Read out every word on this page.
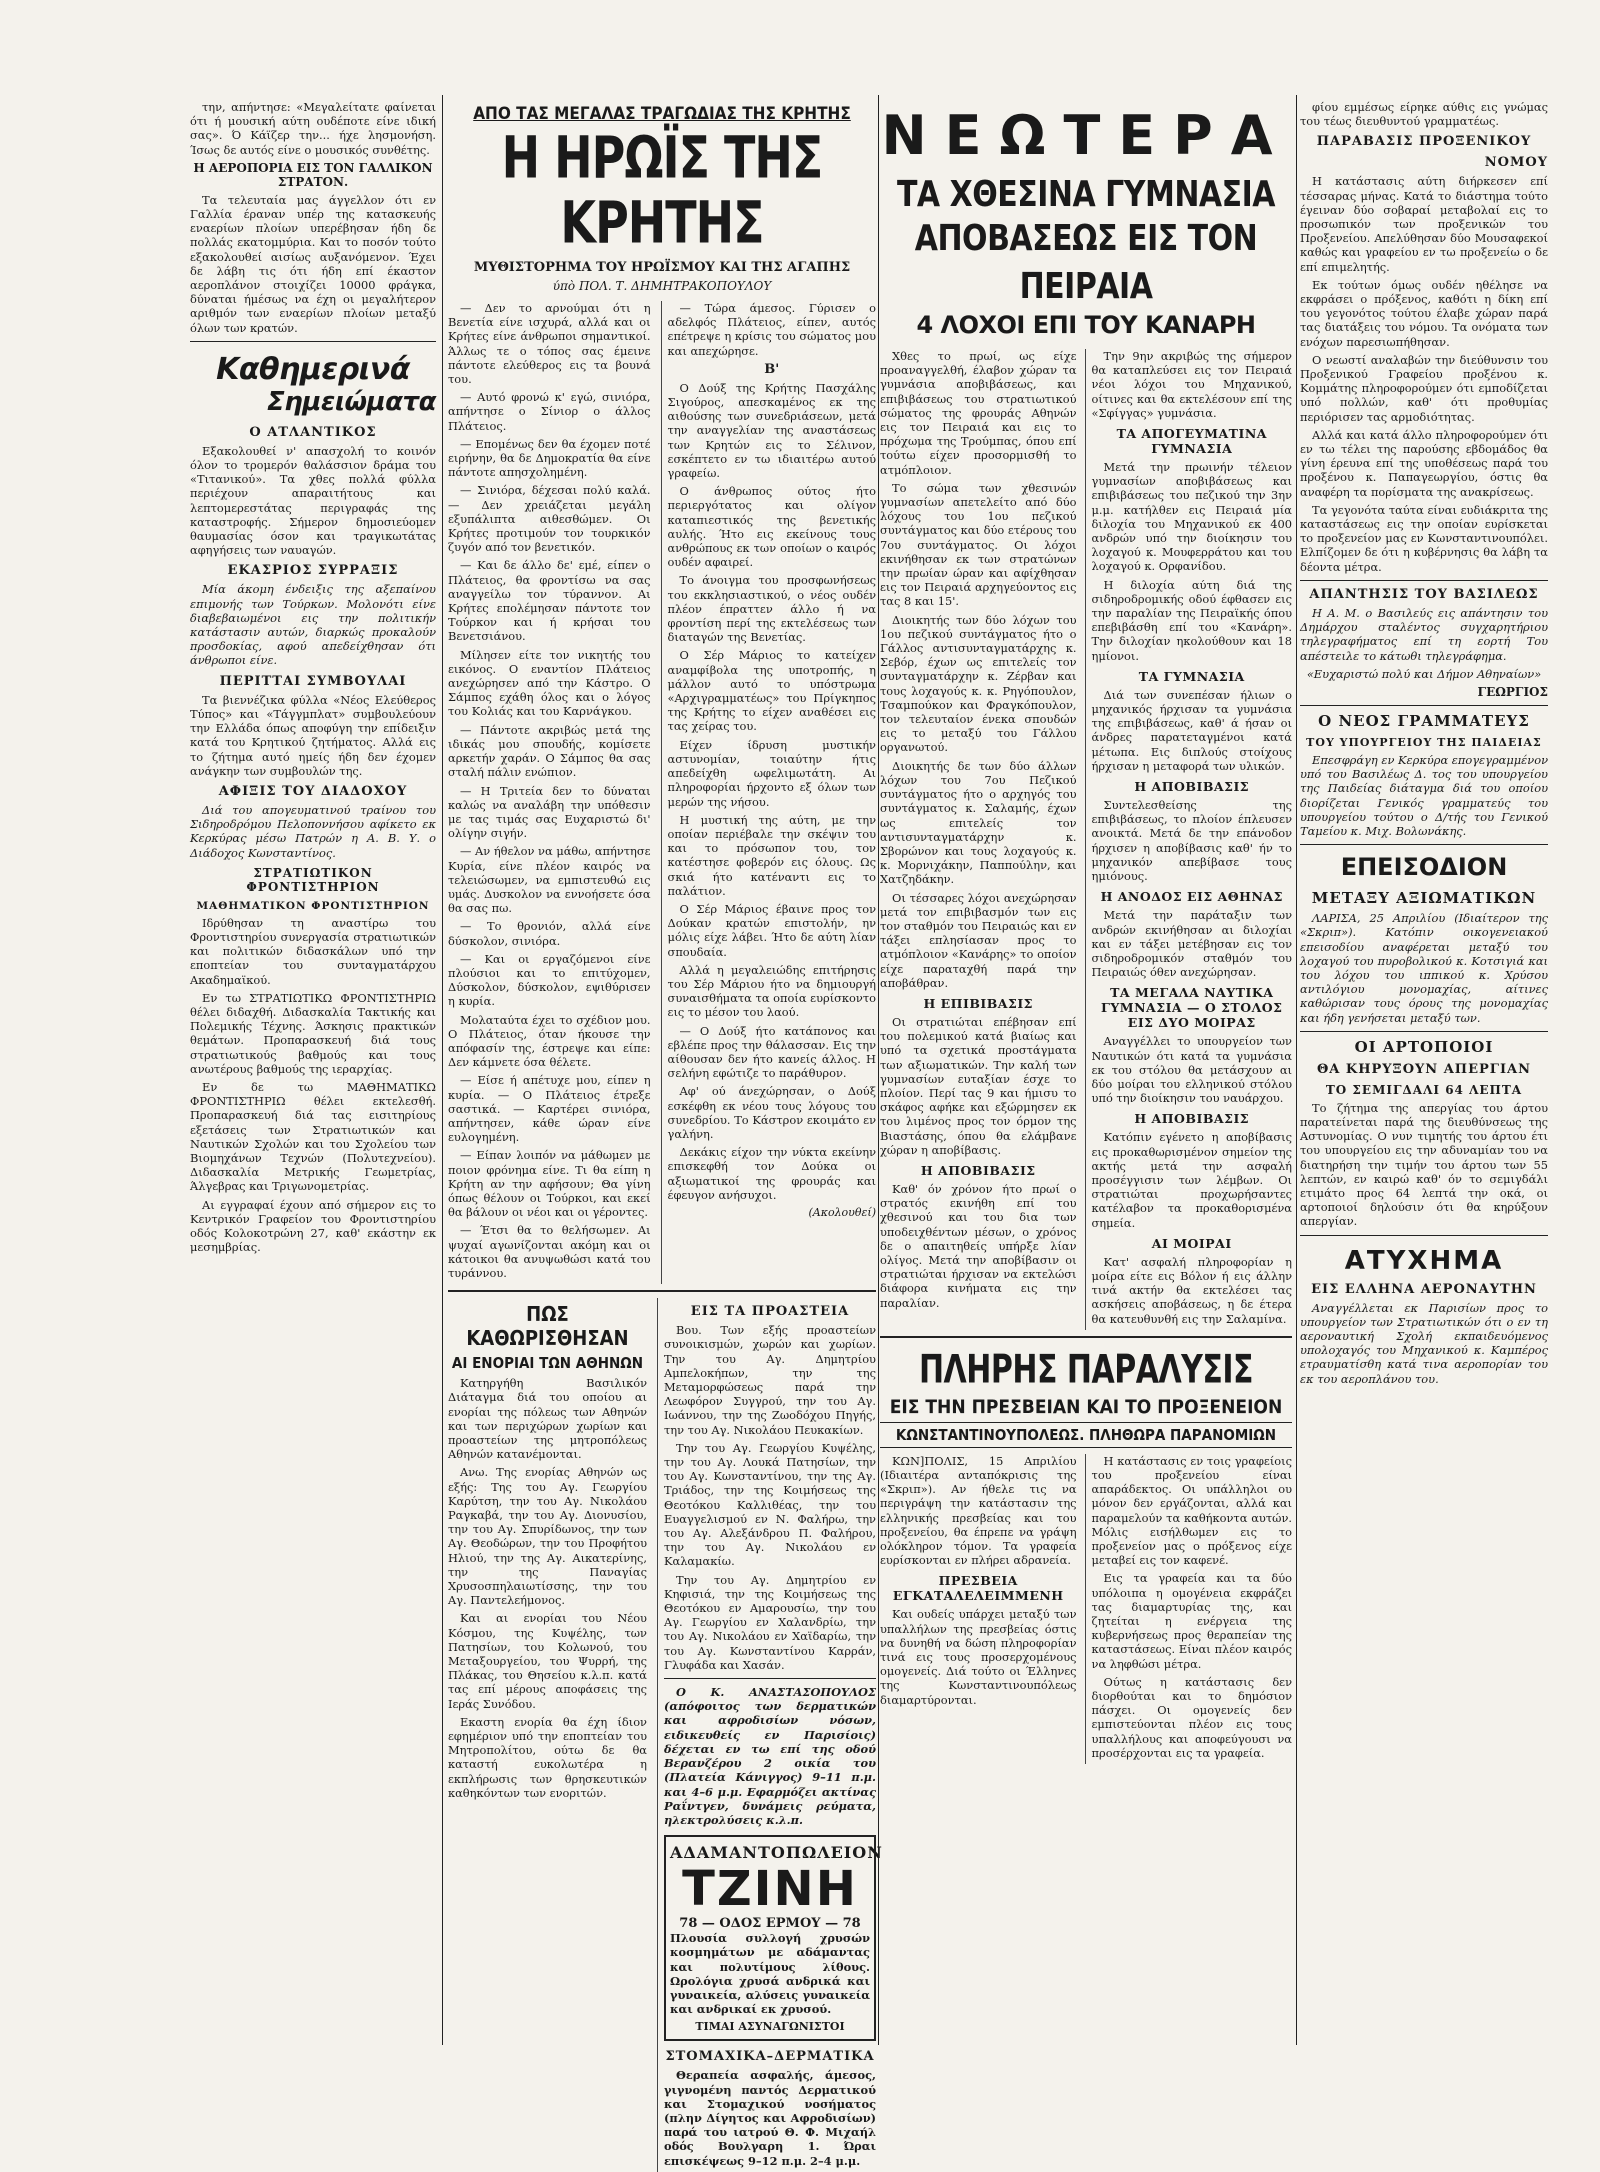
την, απήντησε: «Μεγαλείτατε φαίνεται ότι ή μουσική αύτη ουδέποτε είνε ιδική σας». Ό Κάϊζερ την... ήχε λησμονήση. Ίσως δε αυτός είνε ο μουσικός συνθέτης.

Η ΑΕΡΟΠΟΡΙΑ ΕΙΣ ΤΟΝ ΓΑΛΛΙΚΟΝ ΣΤΡΑΤΟΝ.

Τα τελευταία μας άγγελλον ότι εν Γαλλία έραναν υπέρ της κατασκευής εναερίων πλοίων υπερέβησαν ήδη δε πολλάς εκατομμύρια. Και το ποσόν τούτο εξακολουθεί αισίως αυξανόμενον. Έχει δε λάβη τις ότι ήδη επί έκαστον αεροπλάνον στοιχίζει 10000 φράγκα, δύναται ήμέσως να έχη οι μεγαλήτερον αριθμόν των εναερίων πλοίων μεταξύ όλων των κρατών.

Καθημερινά
Σημειώματα
Ο ΑΤΛΑΝΤΙΚΟΣ

Εξακολουθεί ν' απασχολή το κοινόν όλον το τρομερόν θαλάσσιον δράμα του «Τιτανικού». Τα χθες πολλά φύλλα περιέχουν απαραιτήτους και λεπτομερεστάτας περιγραφάς της καταστροφής. Σήμερον δημοσιεύομεν θαυμασίας όσον και τραγικωτάτας αφηγήσεις των ναυαγών.

ΕΚΑΣΡΙΟΣ ΣΥΡΡΑΞΙΣ

Μία άκομη ένδειξις της αξεπαίνου επιμονής των Τούρκων. Μολονότι είνε διαβεβαιωμένοι εις την πολιτικήν κατάστασιν αυτών, διαρκώς προκαλούν προσδοκίας, αφού απεδείχθησαν ότι άνθρωποι είνε.

ΠΕΡΙΤΤΑΙ ΣΥΜΒΟΥΛΑΙ

Τα βιεννέζικα φύλλα «Νέος Ελεύθερος Τύπος» και «Τάγγμπλατ» συμβουλεύουν την Ελλάδα όπως αποφύγη την επίδειξιν κατά του Κρητικού ζητήματος. Αλλά εις το ζήτημα αυτό ημείς ήδη δεν έχομεν ανάγκην των συμβουλών της.

ΑΦΙΞΙΣ ΤΟΥ ΔΙΑΔΟΧΟΥ

Διά του απογευματινού τραίνου του Σιδηροδρόμου Πελοποννήσου αφίκετο εκ Κερκύρας μέσω Πατρών η Α. Β. Υ. ο Διάδοχος Κωνσταντίνος.

ΣΤΡΑΤΙΩΤΙΚΟΝ ΦΡΟΝΤΙΣΤΗΡΙΟΝ
ΜΑΘΗΜΑΤΙΚΟΝ ΦΡΟΝΤΙΣΤΗΡΙΟΝ

Ιδρύθησαν τη αναστίρω του Φροντιστηρίου συνεργασία στρατιωτικών και πολιτικών διδασκάλων υπό την εποπτείαν του συνταγματάρχου Ακαδημαϊκού.

Εν τω ΣΤΡΑΤΙΩΤΙΚΩ ΦΡΟΝΤΙΣΤΗΡΙΩ θέλει διδαχθή. Διδασκαλία Τακτικής και Πολεμικής Τέχνης. Άσκησις πρακτικών θεμάτων. Προπαρασκευή διά τους στρατιωτικούς βαθμούς και τους ανωτέρους βαθμούς της ιεραρχίας.

Εν δε τω ΜΑΘΗΜΑΤΙΚΩ ΦΡΟΝΤΙΣΤΗΡΙΩ θέλει εκτελεσθή. Προπαρασκευή διά τας εισιτηρίους εξετάσεις των Στρατιωτικών και Ναυτικών Σχολών και του Σχολείου των Βιομηχάνων Τεχνών (Πολυτεχνείου). Διδασκαλία Μετρικής Γεωμετρίας, Άλγεβρας και Τριγωνομετρίας.

Αι εγγραφαί έχουν από σήμερον εις το Κεντρικόν Γραφείον του Φροντιστηρίου οδός Κολοκοτρώνη 27, καθ' εκάστην εκ μεσημβρίας.

ΑΠΟ ΤΑΣ ΜΕΓΑΛΑΣ ΤΡΑΓΩΔΙΑΣ ΤΗΣ ΚΡΗΤΗΣ
Η ΗΡΩΪΣ ΤΗΣ ΚΡΗΤΗΣ
ΜΥΘΙΣΤΟΡΗΜΑ ΤΟΥ ΗΡΩΪΣΜΟΥ ΚΑΙ ΤΗΣ ΑΓΑΠΗΣ
ύπὸ ΠΟΛ. Τ. ΔΗΜΗΤΡΑΚΟΠΟΥΛΟΥ

— Δεν το αρνούμαι ότι η Βενετία είνε ισχυρά, αλλά και οι Κρήτες είνε άνθρωποι σημαντικοί. Άλλως τε ο τόπος σας έμεινε πάντοτε ελεύθερος εις τα βουνά του.

— Αυτό φρονώ κ' εγώ, σινιόρα, απήντησε ο Σίνιορ ο άλλος Πλάτειος.

— Επομένως δεν θα έχομεν ποτέ ειρήνην, θα δε Δημοκρατία θα είνε πάντοτε απησχολημένη.

— Σινιόρα, δέχεσαι πολύ καλά. — Δεν χρειάζεται μεγάλη εξυπάλιπτα αιθεσθώμεν. Οι Κρήτες προτιμούν τον τουρκικόν ζυγόν από τον βενετικόν.

— Και δε άλλο δε' εμέ, είπεν ο Πλάτειος, θα φροντίσω να σας αναγγείλω τον τύραννον. Αι Κρήτες επολέμησαν πάντοτε τον Τούρκον και ή κρήσαι του Βενετσιάνου.

Μίλησεν είτε τον νικητής του εικόνος. Ο εναντίον Πλάτειος ανεχώρησεν από την Κάστρο. Ο Σάμπος εχάθη όλος και ο λόγος του Κολιάς και του Καρνάγκου.

— Πάντοτε ακριβώς μετά της ιδικάς μου σπουδής, κομίσετε αρκετήν χαράν. Ο Σάμπος θα σας σταλή πάλιν ενώπιον.

— Η Τριτεία δεν το δύναται καλώς να αναλάβη την υπόθεσιν με τας τιμάς σας Ευχαριστώ δι' ολίγην σιγήν.

— Αν ήθελον να μάθω, απήντησε Κυρία, είνε πλέον καιρός να τελειώσωμεν, να εμπιστευθώ εις υμάς. Δυσκολον να εννοήσετε όσα θα σας πω.

— Το θρονιόν, αλλά είνε δύσκολον, σινιόρα.

— Και οι εργαζόμενοι είνε πλούσιοι και το επιτύχομεν, Δύσκολον, δύσκολον, εψιθύρισεν η κυρία.

Μολαταύτα έχει το σχέδιον μου. Ο Πλάτειος, όταν ήκουσε την απόφασίν της, έστρεψε και είπε: Δεν κάμνετε όσα θέλετε.

— Είσε ή απέτυχε μου, είπεν η κυρία. — Ο Πλάτειος έτρεξε σαστικά. — Καρτέρει σινιόρα, απήντησεν, κάθε ώραν είνε ευλογημένη.

— Είπαν λοιπόν να μάθωμεν με ποιον φρόνημα είνε. Τι θα είπη η Κρήτη αν την αφήσουν; Θα γίνη όπως θέλουν οι Τούρκοι, και εκεί θα βάλουν οι νέοι και οι γέροντες.

— Έτσι θα το θελήσωμεν. Αι ψυχαί αγωνίζονται ακόμη και οι κάτοικοι θα ανυψωθώσι κατά του τυράννου.

— Τώρα άμεσος. Γύρισεν ο αδελφός Πλάτειος, είπεν, αυτός επέτρεψε η κρίσις του σώματος μου και απεχώρησε.

Β'

Ο Δούξ της Κρήτης Πασχάλης Σιγούρος, απεσκαμένος εκ της αιθούσης των συνεδριάσεων, μετά την αναγγελίαν της αναστάσεως των Κρητών εις το Σέλινον, εσκέπτετο εν τω ιδιαιτέρω αυτού γραφείω.

Ο άνθρωπος ούτος ήτο περιεργότατος και ολίγον καταπιεστικός της βενετικής αυλής. Ήτο εις εκείνους τους ανθρώπους εκ των οποίων ο καιρός ουδέν αφαιρεί.

Το άνοιγμα του προσφωνήσεως του εκκλησιαστικού, ο νέος ουδέν πλέον έπραττεν άλλο ή να φροντίση περί της εκτελέσεως των διαταγών της Βενετίας.

Ο Σέρ Μάριος το κατείχεν αναμφίβολα της υποτροπής, η μάλλον αυτό το υπόστρωμα «Αρχιγραμματέως» του Πρίγκηπος της Κρήτης το είχεν αναθέσει εις τας χείρας του.

Είχεν ίδρυση μυστικήν αστυνομίαν, τοιαύτην ήτις απεδείχθη ωφελιμωτάτη. Αι πληροφορίαι ήρχοντο εξ όλων των μερών της νήσου.

Η μυστική της αύτη, με την οποίαν περιέβαλε την σκέψιν του και το πρόσωπον του, τον κατέστησε φοβερόν εις όλους. Ως σκιά ήτο κατέναντι εις το παλάτιον.

Ο Σέρ Μάριος έβαινε προς τον Δούκαν κρατών επιστολήν, ην μόλις είχε λάβει. Ήτο δε αύτη λίαν σπουδαία.

Αλλά η μεγαλειώδης επιτήρησις του Σέρ Μάριου ήτο να δημιουργή συναισθήματα τα οποία ευρίσκοντο εις το μέσον του λαού.

— Ο Δούξ ήτο κατάπονος και εβλέπε προς την θάλασσαν. Εις την αίθουσαν δεν ήτο κανείς άλλος. Η σελήνη εφώτιζε το παράθυρον.

Αφ' ού άνεχώρησαν, ο Δούξ εσκέφθη εκ νέου τους λόγους του συνεδρίου. Το Κάστρον εκοιμάτο εν γαλήνη.

Δεκάκις είχον την νύκτα εκείνην επισκεφθή τον Δούκα οι αξιωματικοί της φρουράς και έφευγον ανήσυχοι.

(Ακολουθεί)
ΠΩΣ ΚΑΘΩΡΙΣΘΗΣΑΝ
ΑΙ ΕΝΟΡΙΑΙ ΤΩΝ ΑΘΗΝΩΝ

Κατηργήθη Βασιλικόν Διάταγμα διά του οποίου αι ενορίαι της πόλεως των Αθηνών και των περιχώρων χωρίων και προαστείων της μητροπόλεως Αθηνών κατανέμονται.

Ανω. Της ενορίας Αθηνών ως εξής: Της του Αγ. Γεωργίου Καρύτση, την του Αγ. Νικολάου Ραγκαβά, την του Αγ. Διονυσίου, την του Αγ. Σπυρίδωνος, την των Αγ. Θεοδώρων, την του Προφήτου Ηλιού, την της Αγ. Αικατερίνης, την της Παναγίας Χρυσοσπηλαιωτίσσης, την του Αγ. Παντελεήμονος.

Και αι ενορίαι του Νέου Κόσμου, της Κυψέλης, των Πατησίων, του Κολωνού, του Μεταξουργείου, του Ψυρρή, της Πλάκας, του Θησείου κ.λ.π. κατά τας επί μέρους αποφάσεις της Ιεράς Συνόδου.

Εκαστη ενορία θα έχη ίδιον εφημέριον υπό την εποπτείαν του Μητροπολίτου, ούτω δε θα καταστή ευκολωτέρα η εκπλήρωσις των θρησκευτικών καθηκόντων των ενοριτών.

ΕΙΣ ΤΑ ΠΡΟΑΣΤΕΙΑ

Βου. Των εξής προαστείων συνοικισμών, χωρών και χωρίων. Την του Αγ. Δημητρίου Αμπελοκήπων, την της Μεταμορφώσεως παρά την Λεωφόρον Συγγρού, την του Αγ. Ιωάννου, την της Ζωοδόχου Πηγής, την του Αγ. Νικολάου Πευκακίων.

Την του Αγ. Γεωργίου Κυψέλης, την του Αγ. Λουκά Πατησίων, την του Αγ. Κωνσταντίνου, την της Αγ. Τριάδος, την της Κοιμήσεως της Θεοτόκου Καλλιθέας, την του Ευαγγελισμού εν Ν. Φαλήρω, την του Αγ. Αλεξάνδρου Π. Φαλήρου, την του Αγ. Νικολάου εν Καλαμακίω.

Την του Αγ. Δημητρίου εν Κηφισιά, την της Κοιμήσεως της Θεοτόκου εν Αμαρουσίω, την του Αγ. Γεωργίου εν Χαλανδρίω, την του Αγ. Νικολάου εν Χαϊδαρίω, την του Αγ. Κωνσταντίνου Καρράν, Γλυφάδα και Χασάν.

Ο Κ. ΑΝΑΣΤΑΣΟΠΟΥΛΟΣ (απόφοιτος των δερματικών και αφροδισίων νόσων, ειδικευθείς εν Παρισίοις) δέχεται εν τω επί της οδού Βερανζέρου 2 οικία του (Πλατεία Κάνιγγος) 9–11 π.μ. και 4–6 μ.μ. Εφαρμόζει ακτίνας Ραΐντγεν, δυνάμεις ρεύματα, ηλεκτρολύσεις κ.λ.π.

ΑΔΑΜΑΝΤΟΠΩΛΕΙΟΝ
ΤΖΙΝΗ
78 — ΟΔΟΣ ΕΡΜΟΥ — 78

Πλουσία συλλογή χρυσών κοσμημάτων με αδάμαντας και πολυτίμους λίθους. Ωρολόγια χρυσά ανδρικά και γυναικεία, αλύσεις γυναικεία και ανδρικαί εκ χρυσού.

ΤΙΜΑΙ ΑΣΥΝΑΓΩΝΙΣΤΟΙ
ΣΤΟΜΑΧΙΚΑ–ΔΕΡΜΑΤΙΚΑ

Θεραπεία ασφαλής, άμεσος, γιγνομένη παντός Δερματικού και Στομαχικού νοσήματος (πλην Δίγητος και Αφροδισίων) παρά του ιατρού Θ. Φ. Μιχαήλ οδός Βουλγαρη 1. Ώραι επισκέψεως 9–12 π.μ. 2–4 μ.μ.

ΝΕΩΤΕΡΑ
ΤΑ ΧΘΕΣΙΝΑ ΓΥΜΝΑΣΙΑ
ΑΠΟΒΑΣΕΩΣ ΕΙΣ ΤΟΝ ΠΕΙΡΑΙΑ
4 ΛΟΧΟΙ ΕΠΙ ΤΟΥ ΚΑΝΑΡΗ

Χθες το πρωί, ως είχε προαναγγελθή, έλαβον χώραν τα γυμνάσια αποβιβάσεως, και επιβιβάσεως του στρατιωτικού σώματος της φρουράς Αθηνών εις τον Πειραιά και εις το πρόχωμα της Τρούμπας, όπου επί τούτω είχεν προσορμισθή το ατμόπλοιον.

Το σώμα των χθεσινών γυμνασίων απετελείτο από δύο λόχους του 1ου πεζικού συντάγματος και δύο ετέρους του 7ου συντάγματος. Οι λόχοι εκινήθησαν εκ των στρατώνων την πρωίαν ώραν και αφίχθησαν εις τον Πειραιά αρχηγεύοντος εις τας 8 και 15'.

Διοικητής των δύο λόχων του 1ου πεζικού συντάγματος ήτο ο Γάλλος αντισυνταγματάρχης κ. Σεβόρ, έχων ως επιτελείς τον συνταγματάρχην κ. Ζέρβαν και τους λοχαγούς κ. κ. Ρηγόπουλον, Τσαμπούκον και Φραγκόπουλον, τον τελευταίον ένεκα σπουδών εις το μεταξύ του Γάλλου οργανωτού.

Διοικητής δε των δύο άλλων λόχων του 7ου Πεζικού συντάγματος ήτο ο αρχηγός του συντάγματος κ. Σαλαμής, έχων ως επιτελείς τον αντισυνταγματάρχην κ. Σβορώνον και τους λοχαγούς κ. κ. Μορνιχάκην, Παππούλην, και Χατζηδάκην.

Οι τέσσαρες λόχοι ανεχώρησαν μετά τον επιβιβασμόν των εις τον σταθμόν του Πειραιώς και εν τάξει επλησίασαν προς το ατμόπλοιον «Κανάρης» το οποίον είχε παραταχθή παρά την αποβάθραν.

Η ΕΠΙΒΙΒΑΣΙΣ

Οι στρατιώται επέβησαν επί του πολεμικού κατά βιαίως και υπό τα σχετικά προστάγματα των αξιωματικών. Την καλή των γυμνασίων ευταξίαν έσχε το πλοίον. Περί τας 9 και ήμισυ το σκάφος αφήκε και εξώρμησεν εκ του λιμένος προς τον όρμον της Βιαστάσης, όπου θα ελάμβανε χώραν η αποβίβασις.

Η ΑΠΟΒΙΒΑΣΙΣ

Καθ' όν χρόνον ήτο πρωί ο στρατός εκινήθη επί του χθεσινού και του δια των υποδειχθέντων μέσων, ο χρόνος δε ο απαιτηθείς υπήρξε λίαν ολίγος. Μετά την αποβίβασιν οι στρατιώται ήρχισαν να εκτελώσι διάφορα κινήματα εις την παραλίαν.

Την 9ην ακριβώς της σήμερον θα καταπλεύσει εις τον Πειραιά νέοι λόχοι του Μηχανικού, οίτινες και θα εκτελέσουν επί της «Σφίγγας» γυμνάσια.

ΤΑ ΑΠΟΓΕΥΜΑΤΙΝΑ ΓΥΜΝΑΣΙΑ

Μετά την πρωινήν τέλειον γυμνασίων αποβιβάσεως και επιβιβάσεως του πεζικού την 3ην μ.μ. κατήλθεν εις Πειραιά μία διλοχία του Μηχανικού εκ 400 ανδρών υπό την διοίκησιν του λοχαγού κ. Μουφερράτου και του λοχαγού κ. Ορφανίδου.

Η διλοχία αύτη διά της σιδηροδρομικής οδού έφθασεν εις την παραλίαν της Πειραϊκής όπου επεβιβάσθη επί του «Κανάρη». Την διλοχίαν ηκολούθουν και 18 ημίονοι.

ΤΑ ΓΥΜΝΑΣΙΑ

Διά των συνεπέσαν ήλιων ο μηχανικός ήρχισαν τα γυμνάσια της επιβιβάσεως, καθ' ά ήσαν οι άνδρες παρατεταγμένοι κατά μέτωπα. Εις διπλούς στοίχους ήρχισαν η μεταφορά των υλικών.

Η ΑΠΟΒΙΒΑΣΙΣ

Συντελεσθείσης της επιβιβάσεως, το πλοίον έπλευσεν ανοικτά. Μετά δε την επάνοδον ήρχισεν η αποβίβασις καθ' ήν το μηχανικόν απεβίβασε τους ημιόνους.

Η ΑΝΟΔΟΣ ΕΙΣ ΑΘΗΝΑΣ

Μετά την παράταξιν των ανδρών εκινήθησαν αι διλοχίαι και εν τάξει μετέβησαν εις τον σιδηροδρομικόν σταθμόν του Πειραιώς όθεν ανεχώρησαν.

ΤΑ ΜΕΓΑΛΑ ΝΑΥΤΙΚΑ ΓΥΜΝΑΣΙΑ — Ο ΣΤΟΛΟΣ ΕΙΣ ΔΥΟ ΜΟΙΡΑΣ

Αναγγέλλει το υπουργείον των Ναυτικών ότι κατά τα γυμνάσια εκ του στόλου θα μετάσχουν αι δύο μοίραι του ελληνικού στόλου υπό την διοίκησιν του ναυάρχου.

Η ΑΠΟΒΙΒΑΣΙΣ

Κατόπιν εγένετο η αποβίβασις εις προκαθωρισμένον σημείον της ακτής μετά την ασφαλή προσέγγισιν των λέμβων. Οι στρατιώται προχωρήσαντες κατέλαβον τα προκαθορισμένα σημεία.

ΑΙ ΜΟΙΡΑΙ

Κατ' ασφαλή πληροφορίαν η μοίρα είτε εις Βόλον ή εις άλλην τινά ακτήν θα εκτελέσει τας ασκήσεις αποβάσεως, η δε έτερα θα κατευθυνθή εις την Σαλαμίνα.

ΠΛΗΡΗΣ ΠΑΡΑΛΥΣΙΣ
ΕΙΣ ΤΗΝ ΠΡΕΣΒΕΙΑΝ ΚΑΙ ΤΟ ΠΡΟΞΕΝΕΙΟΝ
ΚΩΝΣΤΑΝΤΙΝΟΥΠΟΛΕΩΣ. ΠΛΗΘΩΡΑ ΠΑΡΑΝΟΜΙΩΝ

ΚΩΝ]ΠΟΛΙΣ, 15 Απριλίου (Ιδιαιτέρα ανταπόκρισις της «Σκριπ»). Αν ήθελε τις να περιγράψη την κατάστασιν της ελληνικής πρεσβείας και του προξενείου, θα έπρεπε να γράψη ολόκληρον τόμον. Τα γραφεία ευρίσκονται εν πλήρει αδρανεία.

ΠΡΕΣΒΕΙΑ ΕΓΚΑΤΑΛΕΛΕΙΜΜΕΝΗ

Και ουδείς υπάρχει μεταξύ των υπαλλήλων της πρεσβείας όστις να δυνηθή να δώση πληροφορίαν τινά εις τους προσερχομένους ομογενείς. Διά τούτο οι Έλληνες της Κωνσταντινουπόλεως διαμαρτύρονται.

Η κατάστασις εν τοις γραφείοις του προξενείου είναι απαράδεκτος. Οι υπάλληλοι ου μόνον δεν εργάζονται, αλλά και παραμελούν τα καθήκοντα αυτών. Μόλις εισήλθωμεν εις το προξενείον μας ο πρόξενος είχε μεταβεί εις τον καφενέ.

Εις τα γραφεία και τα δύο υπόλοιπα η ομογένεια εκφράζει τας διαμαρτυρίας της, και ζητείται η ενέργεια της κυβερνήσεως προς θεραπείαν της καταστάσεως. Είναι πλέον καιρός να ληφθώσι μέτρα.

Ούτως η κατάστασις δεν διορθούται και το δημόσιον πάσχει. Οι ομογενείς δεν εμπιστεύονται πλέον εις τους υπαλλήλους και αποφεύγουσι να προσέρχονται εις τα γραφεία.

φίου εμμέσως είρηκε αύθις εις γνώμας του τέως διευθυντού γραμματέως.

ΠΑΡΑΒΑΣΙΣ ΠΡΟΞΕΝΙΚΟΥ
ΝΟΜΟΥ

Η κατάστασις αύτη διήρκεσεν επί τέσσαρας μήνας. Κατά το διάστημα τούτο έγειναν δύο σοβαραί μεταβολαί εις το προσωπικόν των προξενικών του Προξενείου. Απελύθησαν δύο Μουσαφεκοί καθώς και γραφείου εν τω προξενείω ο δε επί επιμελητής.

Εκ τούτων όμως ουδέν ηθέλησε να εκφράσει ο πρόξενος, καθότι η δίκη επί του γεγονότος τούτου έλαβε χώραν παρά τας διατάξεις του νόμου. Τα ονόματα των ενόχων παρεσιωπήθησαν.

Ο νεωστί αναλαβών την διεύθυνσιν του Προξενικού Γραφείου προξένου κ. Κομμάτης πληροφορούμεν ότι εμποδίζεται υπό πολλών, καθ' ότι προθυμίας περιόρισεν τας αρμοδιότητας.

Αλλά και κατά άλλο πληροφορούμεν ότι εν τω τέλει της παρούσης εβδομάδος θα γίνη έρευνα επί της υποθέσεως παρά του προξένου κ. Παπαγεωργίου, όστις θα αναφέρη τα πορίσματα της ανακρίσεως.

Τα γεγονότα ταύτα είναι ευδιάκριτα της καταστάσεως εις την οποίαν ευρίσκεται το προξενείον μας εν Κωνσταντινουπόλει. Ελπίζομεν δε ότι η κυβέρνησις θα λάβη τα δέοντα μέτρα.

ΑΠΑΝΤΗΣΙΣ ΤΟΥ ΒΑΣΙΛΕΩΣ

Η Α. Μ. ο Βασιλεύς εις απάντησιν του Δημάρχου σταλέντος συγχαρητήριου τηλεγραφήματος επί τη εορτή Του απέστειλε το κάτωθι τηλεγράφημα.

«Ευχαριστώ πολύ και Δήμον Αθηναίων»

ΓΕΩΡΓΙΟΣ
Ο ΝΕΟΣ ΓΡΑΜΜΑΤΕΥΣ
ΤΟΥ ΥΠΟΥΡΓΕΙΟΥ ΤΗΣ ΠΑΙΔΕΙΑΣ

Επεσφράγη εν Κερκύρα επογεγραμμένον υπό του Βασιλέως Δ. τος του υπουργείου της Παιδείας διάταγμα διά του οποίου διορίζεται Γενικός γραμματεύς του υπουργείου τούτου ο Δ/τής του Γενικού Ταμείου κ. Μιχ. Βολωνάκης.

ΕΠΕΙΣΟΔΙΟΝ
ΜΕΤΑΞΥ ΑΞΙΩΜΑΤΙΚΩΝ

ΛΑΡΙΣΑ, 25 Απριλίου (Ιδιαίτερον της «Σκριπ»). Κατόπιν οικογενειακού επεισοδίου αναφέρεται μεταξύ του λοχαγού του πυροβολικού κ. Κοτσιγιά και του λόχου του ιππικού κ. Χρύσου αντιλόγιου μονομαχίας, αίτινες καθώρισαν τους όρους της μονομαχίας και ήδη γενήσεται μεταξύ των.

ΟΙ ΑΡΤΟΠΟΙΟΙ
ΘΑ ΚΗΡΥΞΟΥΝ ΑΠΕΡΓΙΑΝ
ΤΟ ΣΕΜΙΓΔΑΛΙ 64 ΛΕΠΤΑ

Το ζήτημα της απεργίας του άρτου παρατείνεται παρά της διευθύνσεως της Αστυνομίας. Ο νυν τιμητής του άρτου έτι του υπουργείου εις την αδυναμίαν του να διατηρήση την τιμήν του άρτου των 55 λεπτών, εν καιρώ καθ' όν το σεμιγδάλι ετιμάτο προς 64 λεπτά την οκά, οι αρτοποιοί δηλούσιν ότι θα κηρύξουν απεργίαν.

ΑΤΥΧΗΜΑ
ΕΙΣ ΕΛΛΗΝΑ ΑΕΡΟΝΑΥΤΗΝ

Αναγγέλλεται εκ Παρισίων προς το υπουργείον των Στρατιωτικών ότι ο εν τη αεροναυτική Σχολή εκπαιδευόμενος υπολοχαγός του Μηχανικού κ. Καμπέρος ετραυματίσθη κατά τινα αεροπορίαν του εκ του αεροπλάνου του.
